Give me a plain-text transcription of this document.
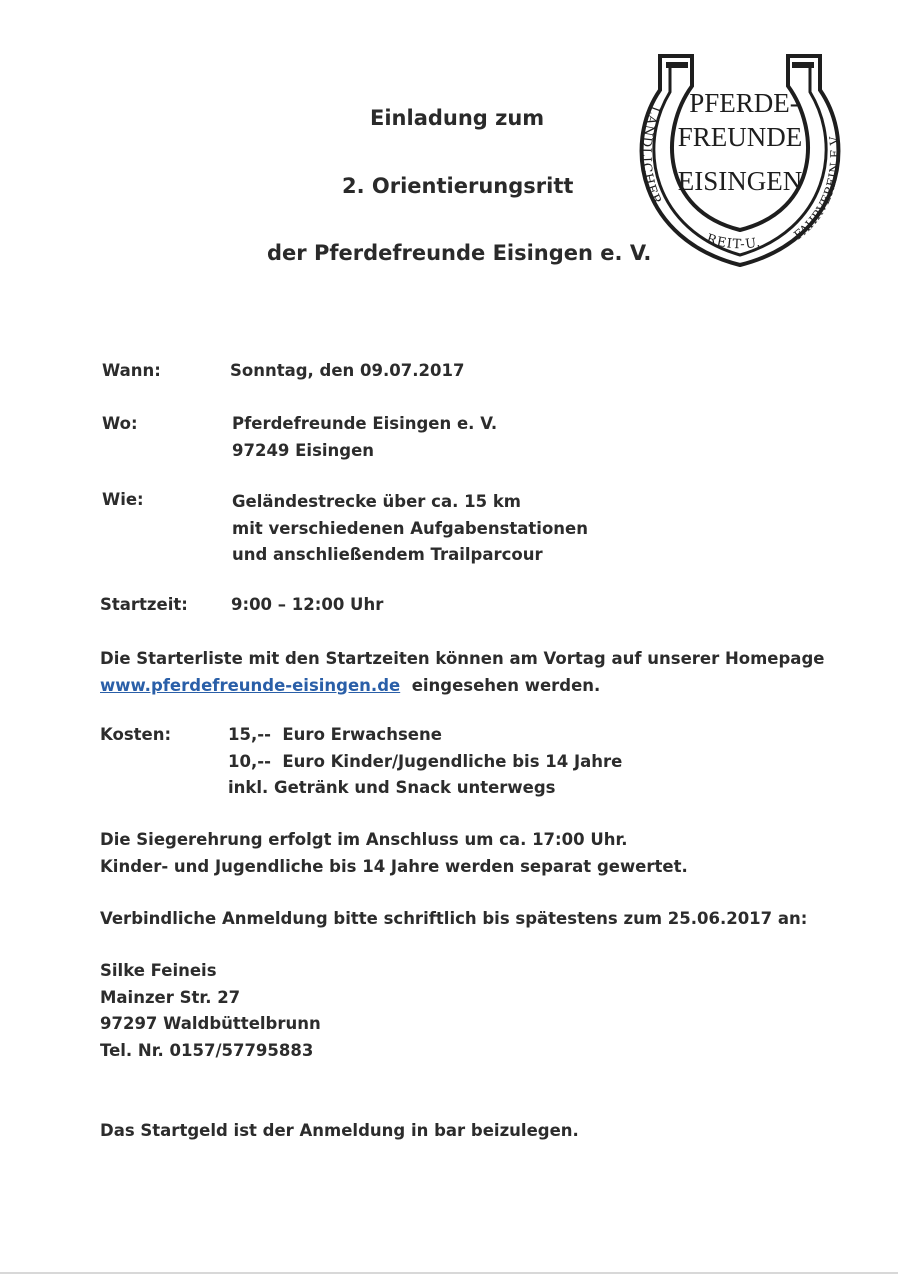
Einladung zum
2. Orientierungsritt
der Pferdefreunde Eisingen e. V.
LÄNDLICHER
REIT-U.
FAHRVEREIN E.V.
PFERDE-
FREUNDE
EISINGEN
Wann:	Sonntag, den 09.07.2017
Wo:	Pferdefreunde Eisingen e. V.
97249 Eisingen
Wie:	Geländestrecke über ca. 15 km
mit verschiedenen Aufgabenstationen
und anschließendem Trailparcour
Startzeit:	9:00 – 12:00 Uhr
Die Starterliste mit den Startzeiten können am Vortag auf unserer Homepage
www.pferdefreunde-eisingen.de  eingesehen werden.
Kosten:	15,--  Euro Erwachsene
10,--  Euro Kinder/Jugendliche bis 14 Jahre
inkl. Getränk und Snack unterwegs
Die Siegerehrung erfolgt im Anschluss um ca. 17:00 Uhr.
Kinder- und Jugendliche bis 14 Jahre werden separat gewertet.
Verbindliche Anmeldung bitte schriftlich bis spätestens zum 25.06.2017 an:
Silke Feineis
Mainzer Str. 27
97297 Waldbüttelbrunn
Tel. Nr. 0157/57795883
Das Startgeld ist der Anmeldung in bar beizulegen.
